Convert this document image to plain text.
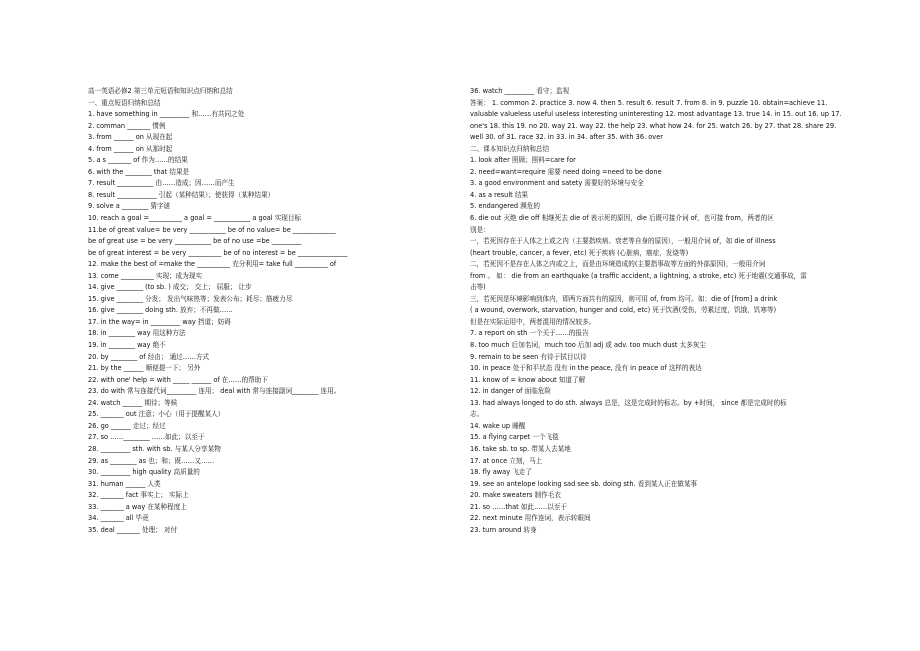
高一英语必修2 第三单元短语和知识点归纳和总结
一、重点短语归纳和总结
1. have something in _________ 和……有共同之处
2. comman _______ 惯例
3. from ______ on 从现在起
4. from ______ on 从那时起
5. a s _______ of 作为……的结果
6. with the ________ that 结果是
7. result ___________ 由……造成；因……而产生
8. result ____________ 引起（某种结果）；使获得（某种结果）
9. solve a ________ 猜字谜
10. reach a goal =__________ a goal = ___________ a goal 实现目标
11.be of great value= be very ___________ be of no value= be _____________
be of great use = be very ___________ be of no use =be _________
be of great interest = be very __________ be of no interest = be _______________
12. make the best of =make the __________ 充分利用= take full __________ of
13. come __________ 实现；成为现实
14. give ________ (to sb. ) 成交； 交上； 屈服； 让步
15. give ________ 分发； 发出气味热等；发表公布；耗尽；筋疲力尽
16. give ________ doing sth. 放弃；不再做……
17. in the way= in _________ way 挡道；妨碍
18. in ________ way 用这种方法
19. in ________ way 绝不
20. by ________ of 经由； 通过……方式
21. by the ______ 顺便提一下； 另外
22. with one' help = with _____ ______ of 在……的帮助下
23. do with 常与连接代词_________ 连用； deal with 常与连接副词________ 连用。
24. watch ______ 期待；等候
25. _______ out 注意；小心（用于提醒某人）
26. go ______ 走过；经过
27. so ……________ ……如此；以至于
28. _________ sth. with sb. 与某人分享某物
29. as ________ as 也；和；既……又……
30. _________ high quality 高质量的
31. human ______ 人类
32. _______ fact 事实上； 实际上
33. _______ a way 在某种程度上
34. _______ all 毕竟
35. deal _______ 处理； 对付
36. watch _________ 看守；监视
答案： 1. common 2. practice 3. now 4. then 5. result 6. result 7. from 8. in 9. puzzle 10. obtain=achieve 11.
valuable valueless useful useless interesting uninteresting 12. most advantage 13. true 14. in 15. out 16. up 17.
one's 18. this 19. no 20. way 21. way 22. the help 23. what how 24. for 25. watch 26. by 27. that 28. share 29.
well 30. of 31. race 32. in 33. in 34. after 35. with 36. over
二、课本知识点归纳和总结
1. look after 照顾；照料=care for
2. need=want=require 需要 need doing =need to be done
3. a good environment and satety 需要好的环境与安全
4. as a result 结果
5. endangered 濒危的
6. die out 灭绝 die off 相继死去 die of 表示死的原因，die 后既可接介词 of，也可接 from，两者的区
别是：
一，若死因存在于人体之上或之内（主要指疾病、衰老等自身的原因），一般用介词 of，如 die of illness
(heart trouble, cancer, a fever, etc) 死于疾病 (心脏病，癌症，发烧等)
二，若死因不是存在人体之内或之上，而是由环境造成的(主要指事故等方面的外部原因)，一般用介词
from 。 如： die from an earthquake (a traffic accident, a lightning, a stroke, etc) 死于地震(交通事故，雷
击等)
三，若死因是环境影响到体内，即两方面共有的原因，则可用 of, from 均可。如：die of [from] a drink
( a wound, overwork, starvation, hunger and cold, etc) 死于饮酒(受伤，劳累过度，饥饿，饥寒等)
但是在实际运用中，两者混用的情况较多。
7. a report on sth 一个关于……的报告
8. too much 后加名词，much too 后加 adj 或 adv. too much dust 太多灰尘
9. remain to be seen 有待于拭目以待
10. in peace 处于和平状态 没有 in the peace, 没有 in peace of 这样的表达
11. know of = know about 知道了解
12. in danger of 面临危险
13. had always longed to do sth. always 总是，这是完成时的标志。by +时间， since 都是完成时的标
志。
14. wake up 睡醒
15. a flying carpet 一个飞毯
16. take sb. to sp. 带某人去某地
17. at once 立刻，马上
18. fly away 飞走了
19. see an antelope looking sad see sb. doing sth. 看到某人正在做某事
20. make sweaters 制作毛衣
21. so ……that 如此……以至于
22. next minute 用作连词，表示转眼间
23. turn around 转身
